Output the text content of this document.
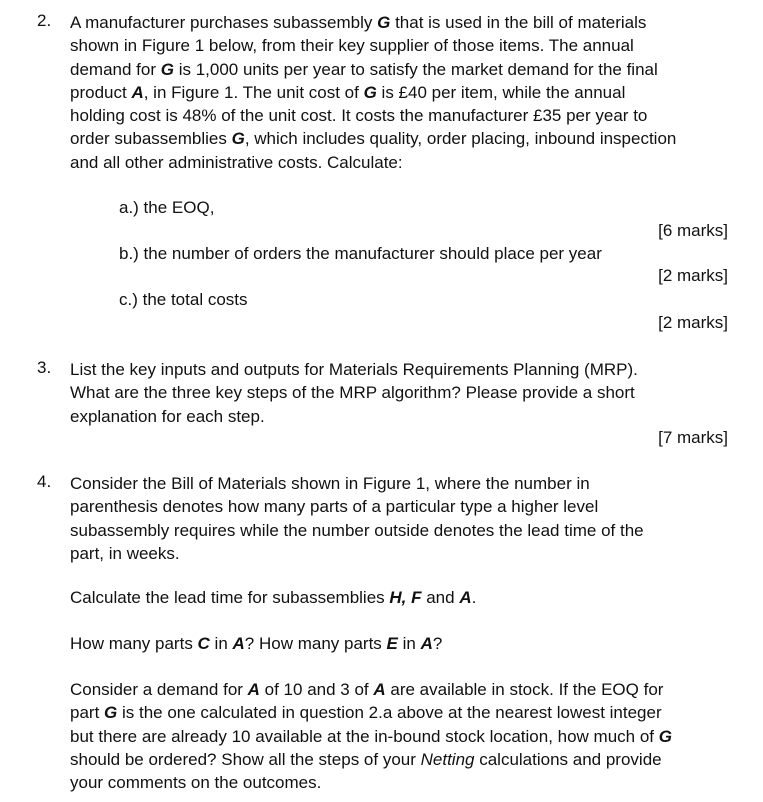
2. A manufacturer purchases subassembly G that is used in the bill of materials
shown in Figure 1 below, from their key supplier of those items. The annual
demand for G is 1,000 units per year to satisfy the market demand for the final
product A, in Figure 1. The unit cost of G is £40 per item, while the annual
holding cost is 48% of the unit cost. It costs the manufacturer £35 per year to
order subassemblies G, which includes quality, order placing, inbound inspection
and all other administrative costs. Calculate:
a.) the EOQ,
[6 marks]
b.) the number of orders the manufacturer should place per year
[2 marks]
c.) the total costs
[2 marks]
3. List the key inputs and outputs for Materials Requirements Planning (MRP).
What are the three key steps of the MRP algorithm? Please provide a short
explanation for each step.
[7 marks]
4. Consider the Bill of Materials shown in Figure 1, where the number in
parenthesis denotes how many parts of a particular type a higher level
subassembly requires while the number outside denotes the lead time of the
part, in weeks.
Calculate the lead time for subassemblies H, F and A.
How many parts C in A? How many parts E in A?
Consider a demand for A of 10 and 3 of A are available in stock. If the EOQ for
part G is the one calculated in question 2.a above at the nearest lowest integer
but there are already 10 available at the in-bound stock location, how much of G
should be ordered? Show all the steps of your Netting calculations and provide
your comments on the outcomes.
